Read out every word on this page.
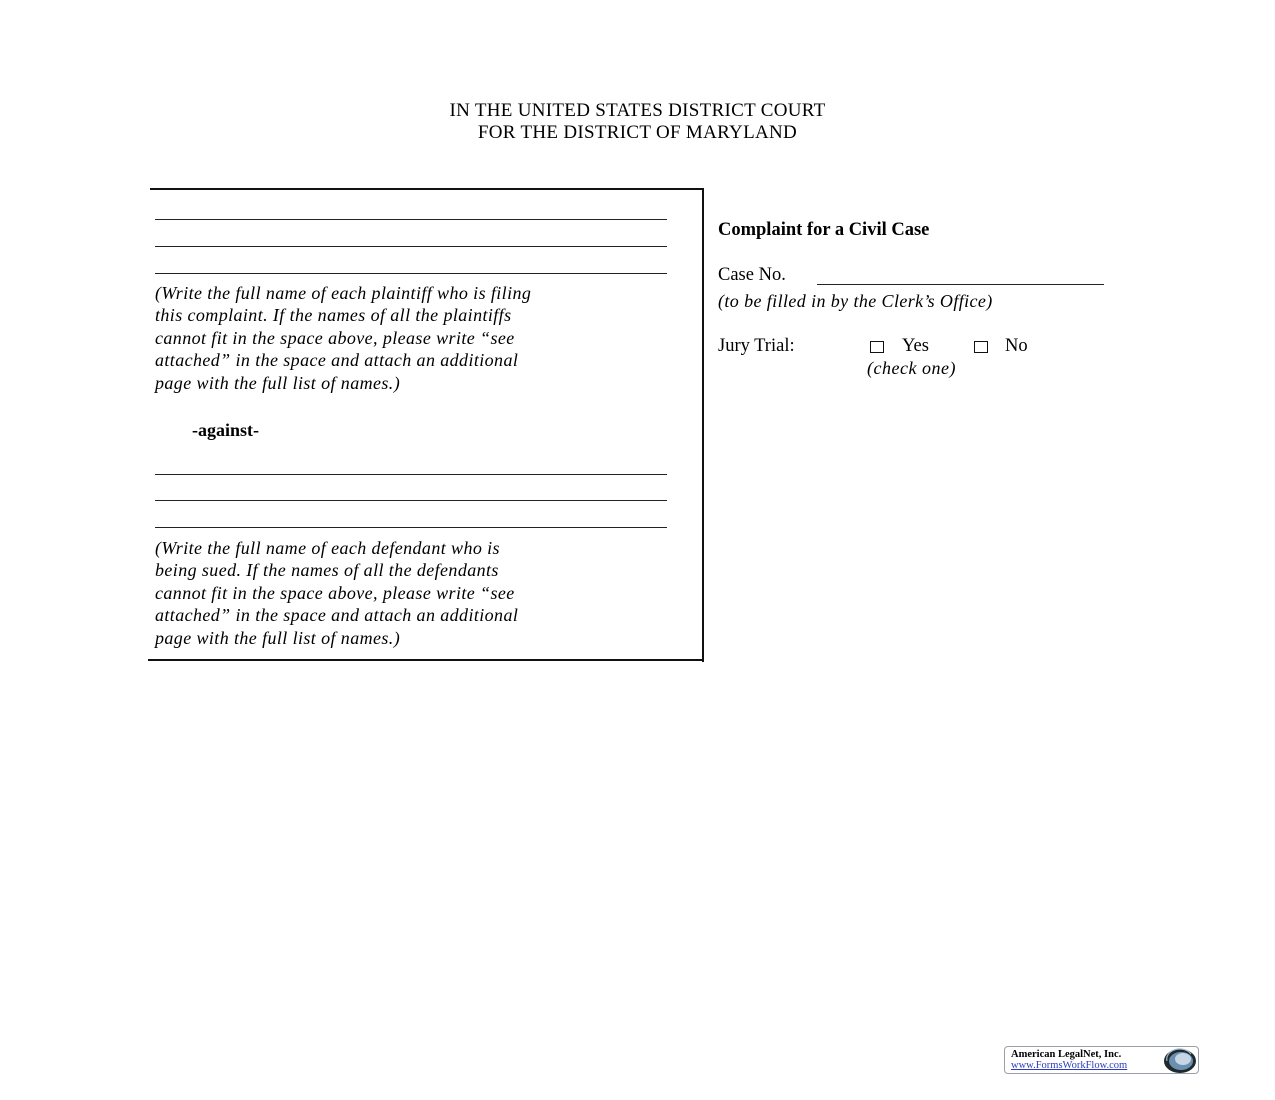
IN THE UNITED STATES DISTRICT COURT
FOR THE DISTRICT OF MARYLAND
(Write the full name of each plaintiff who is filing
this complaint. If the names of all the plaintiffs
cannot fit in the space above, please write “see
attached” in the space and attach an additional
page with the full list of names.)
-against-
(Write the full name of each defendant who is
being sued. If the names of all the defendants
cannot fit in the space above, please write “see
attached” in the space and attach an additional
page with the full list of names.)
Complaint for a Civil Case
Case No.
(to be filled in by the Clerk’s Office)
Jury Trial:	Yes	No
(check one)
American LegalNet, Inc.
www.FormsWorkFlow.com
